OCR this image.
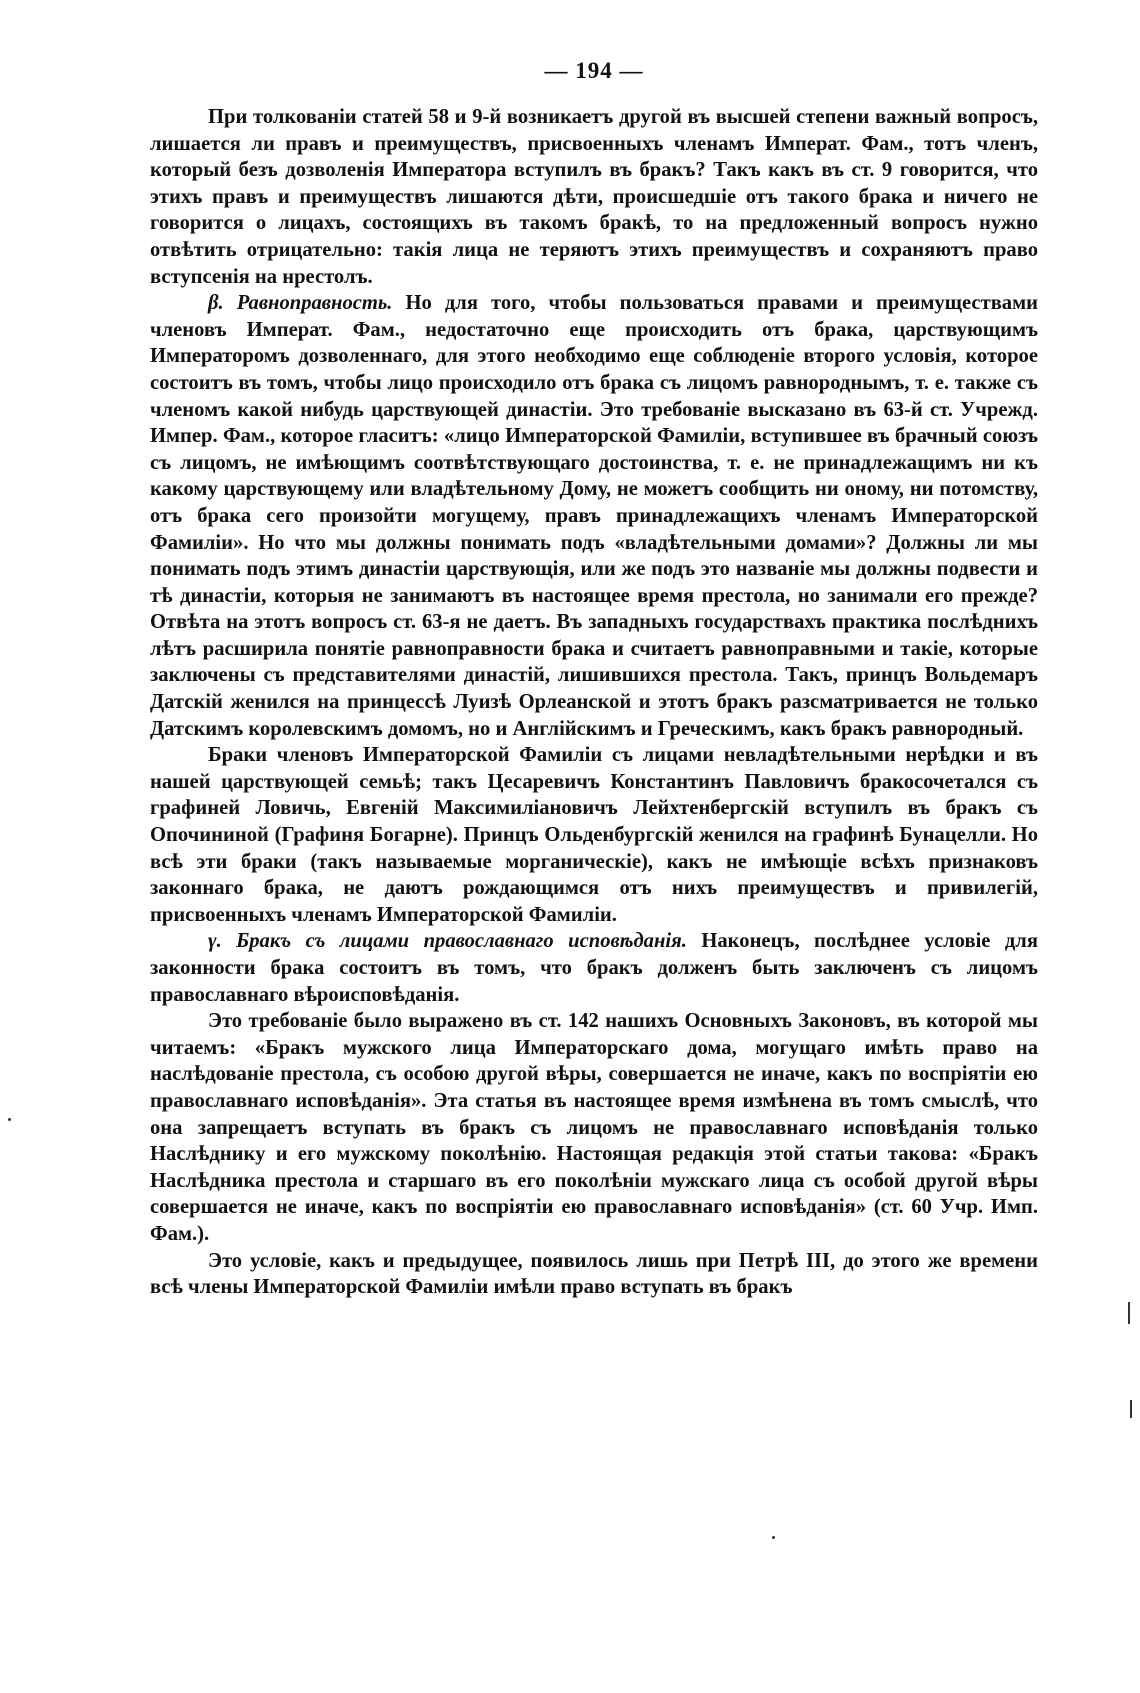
— 194 —

При толкованіи статей 58 и 9-й возникаетъ другой въ высшей степени важный вопросъ, лишается ли правъ и преимуществъ, присвоенныхъ членамъ Императ. Фам., тотъ членъ, который безъ дозволенія Императора вступилъ въ бракъ? Такъ какъ въ ст. 9 говорится, что этихъ правъ и преимуществъ лишаются дѣти, происшедшіе отъ такого брака и ничего не говорится о лицахъ, состоящихъ въ такомъ бракѣ, то на предложенный вопросъ нужно отвѣтить отрицательно: такія лица не теряютъ этихъ преимуществъ и сохраняютъ право вступсенія на нрестолъ.

β. Равноправность. Но для того, чтобы пользоваться правами и преимуществами членовъ Императ. Фам., недостаточно еще происходить отъ брака, царствующимъ Императоромъ дозволеннаго, для этого необходимо еще соблюденіе второго условія, которое состоитъ въ томъ, чтобы лицо происходило отъ брака съ лицомъ равнороднымъ, т. е. также съ членомъ какой нибудь царствующей династіи. Это требованіе высказано въ 63-й ст. Учрежд. Импер. Фам., которое гласитъ: «лицо Императорской Фамиліи, вступившее въ брачный союзъ съ лицомъ, не имѣющимъ соотвѣтствующаго достоинства, т. е. не принадлежащимъ ни къ какому царствующему или владѣтельному Дому, не можетъ сообщить ни оному, ни потомству, отъ брака сего произойти могущему, правъ принадлежащихъ членамъ Императорской Фамиліи». Но что мы должны понимать подъ «владѣтельными домами»? Должны ли мы понимать подъ этимъ династіи царствующія, или же подъ это названіе мы должны подвести и тѣ династіи, которыя не занимаютъ въ настоящее время престола, но занимали его прежде? Отвѣта на этотъ вопросъ ст. 63-я не даетъ. Въ западныхъ государствахъ практика послѣднихъ лѣтъ расширила понятіе равноправности брака и считаетъ равноправными и такіе, которые заключены съ представителями династій, лишившихся престола. Такъ, принцъ Вольдемаръ Датскій женился на принцессѣ Луизѣ Орлеанской и этотъ бракъ разсматривается не только Датскимъ королевскимъ домомъ, но и Англійскимъ и Греческимъ, какъ бракъ равнородный.

Браки членовъ Императорской Фамиліи съ лицами невладѣтельными нерѣдки и въ нашей царствующей семьѣ; такъ Цесаревичъ Константинъ Павловичъ бракосочетался съ графиней Ловичь, Евгеній Максимиліановичъ Лейхтенбергскій вступилъ въ бракъ съ Опочининой (Графиня Богарне). Принцъ Ольденбургскій женился на графинѣ Бунацелли. Но всѣ эти браки (такъ называемые морганическіе), какъ не имѣющіе всѣхъ признаковъ законнаго брака, не даютъ рождающимся отъ нихъ преимуществъ и привилегій, присвоенныхъ членамъ Императорской Фамиліи.

γ. Бракъ съ лицами православнаго исповѣданія. Наконецъ, послѣднее условіе для законности брака состоитъ въ томъ, что бракъ долженъ быть заключенъ съ лицомъ православнаго вѣроисповѣданія.

Это требованіе было выражено въ ст. 142 нашихъ Основныхъ Законовъ, въ которой мы читаемъ: «Бракъ мужского лица Императорскаго дома, могущаго имѣть право на наслѣдованіе престола, съ особою другой вѣры, совершается не иначе, какъ по воспріятіи ею православнаго исповѣданія». Эта статья въ настоящее время измѣнена въ томъ смыслѣ, что она запрещаетъ вступать въ бракъ съ лицомъ не православнаго исповѣданія только Наслѣднику и его мужскому поколѣнію. Настоящая редакція этой статьи такова: «Бракъ Наслѣдника престола и старшаго въ его поколѣніи мужскаго лица съ особой другой вѣры совершается не иначе, какъ по воспріятіи ею православнаго исповѣданія» (ст. 60 Учр. Имп. Фам.).

Это условіе, какъ и предыдущее, появилось лишь при Петрѣ III, до этого же времени всѣ члены Императорской Фамиліи имѣли право вступать въ бракъ
